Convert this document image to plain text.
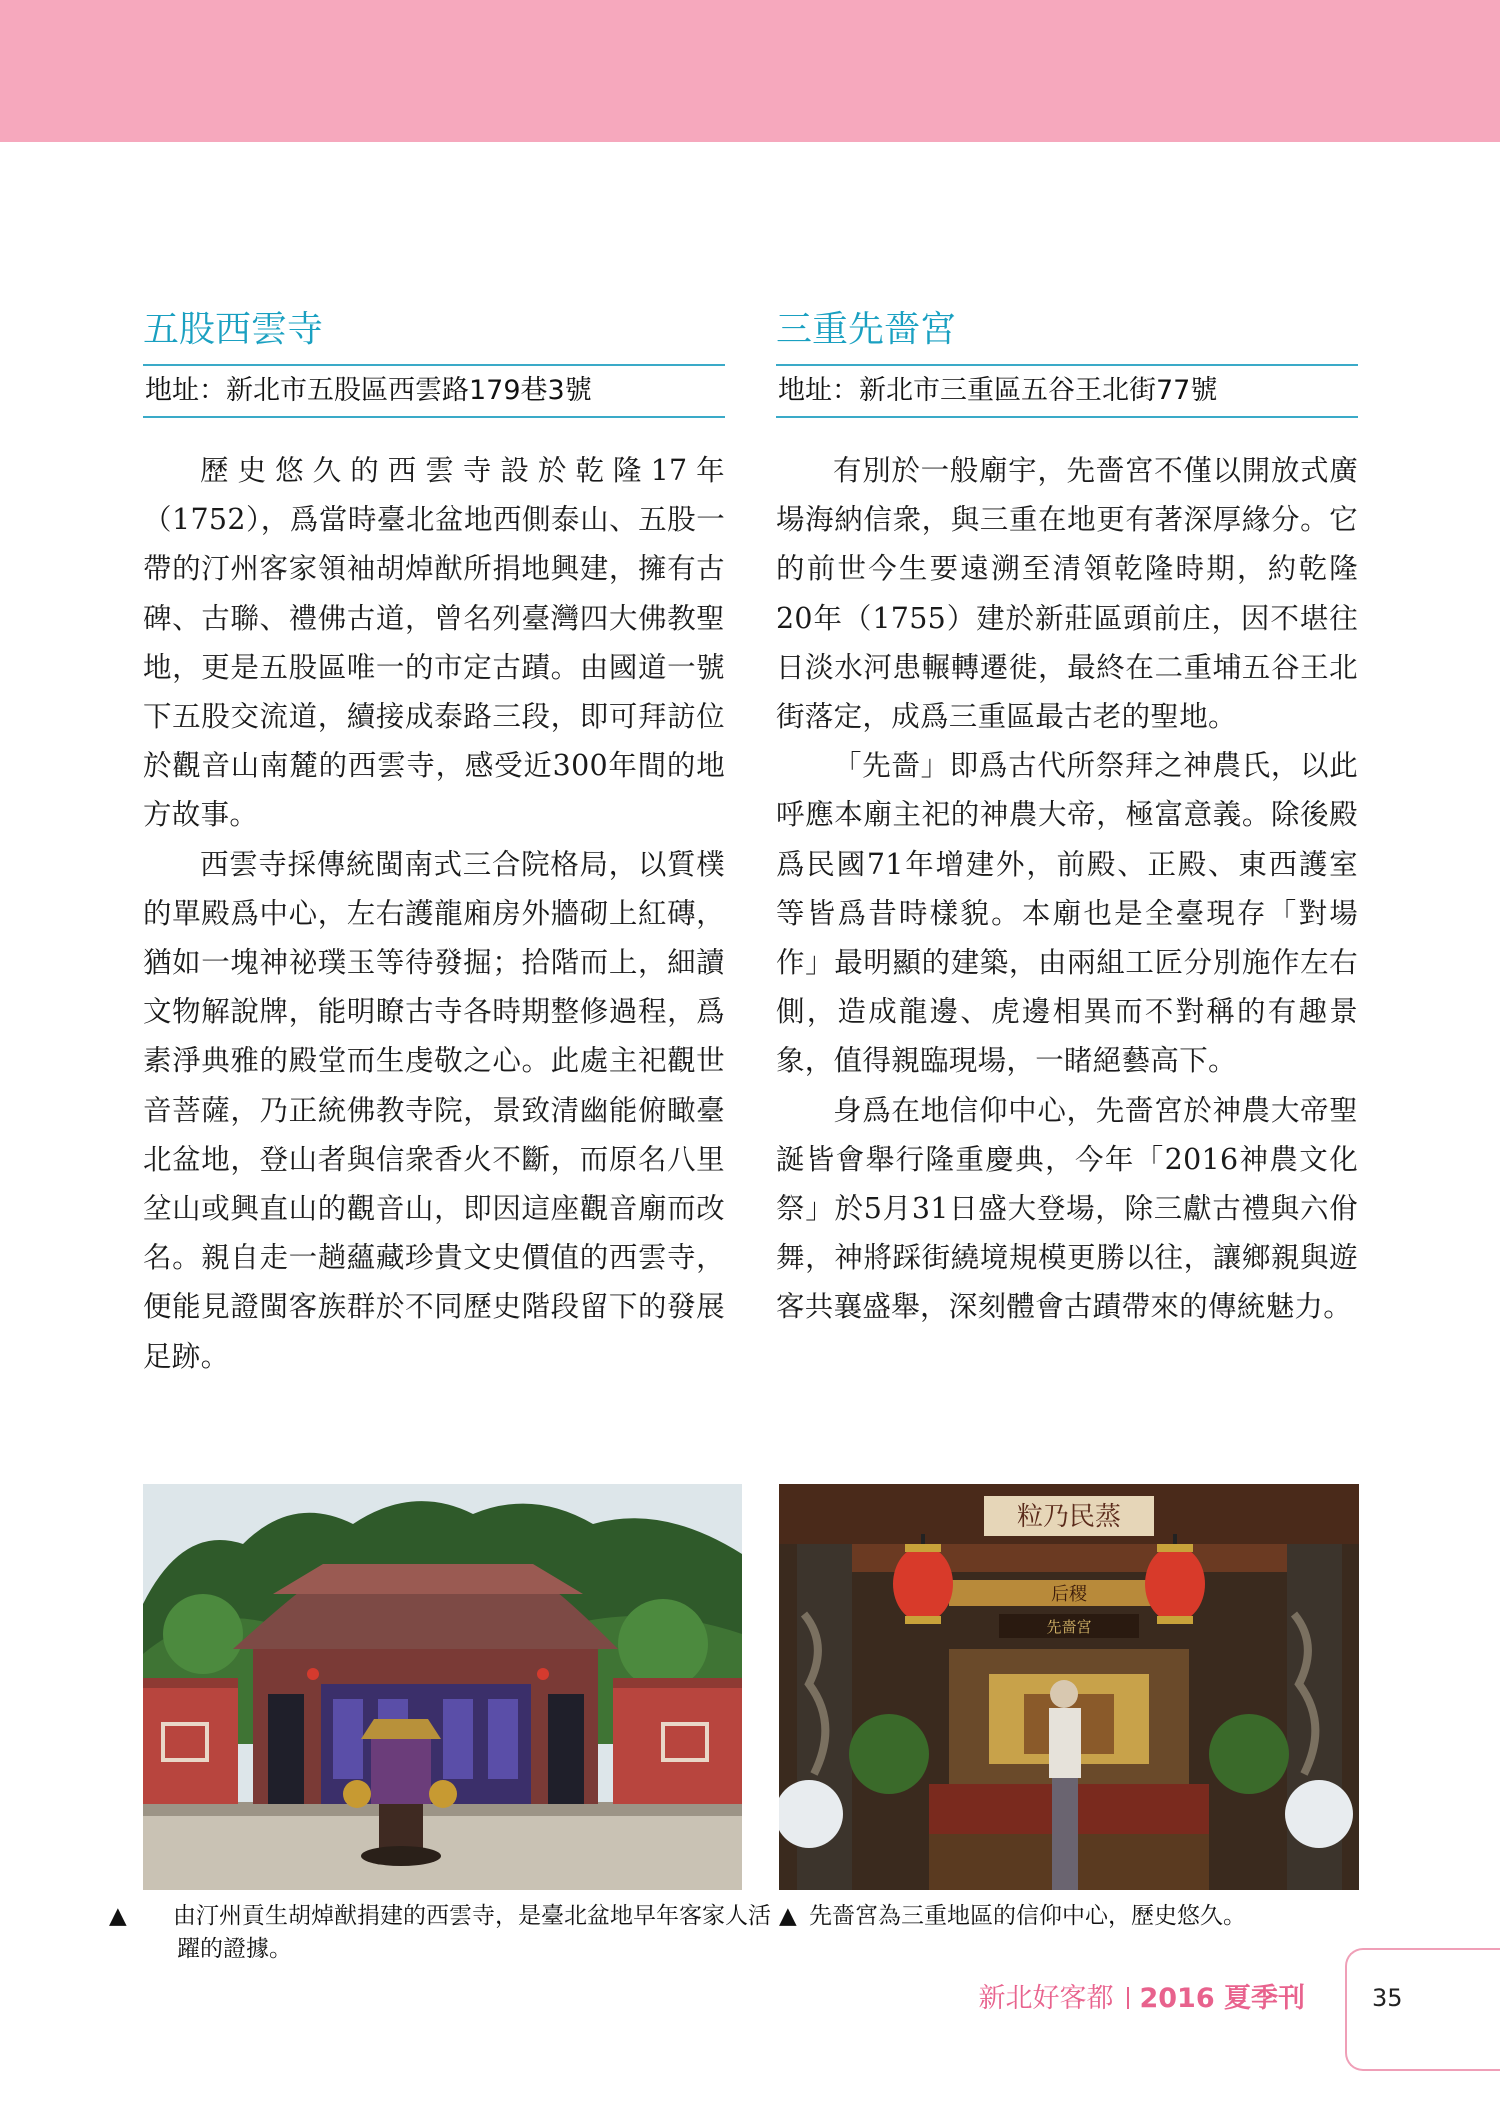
五股西雲寺
地址：新北市五股區西雲路179巷3號

歷史悠久的西雲寺設於乾隆17年（1752），爲當時臺北盆地西側泰山、五股一帶的汀州客家領袖胡焯猷所捐地興建，擁有古碑、古聯、禮佛古道，曾名列臺灣四大佛教聖地，更是五股區唯一的市定古蹟。由國道一號下五股交流道，續接成泰路三段，即可拜訪位於觀音山南麓的西雲寺，感受近300年間的地方故事。

西雲寺採傳統閩南式三合院格局，以質樸的單殿爲中心，左右護龍廂房外牆砌上紅磚，猶如一塊神祕璞玉等待發掘；拾階而上，細讀文物解說牌，能明瞭古寺各時期整修過程，爲素淨典雅的殿堂而生虔敬之心。此處主祀觀世音菩薩，乃正統佛教寺院，景致清幽能俯瞰臺北盆地，登山者與信衆香火不斷，而原名八里坌山或興直山的觀音山，即因這座觀音廟而改名。親自走一趟蘊藏珍貴文史價值的西雲寺，便能見證閩客族群於不同歷史階段留下的發展足跡。

三重先嗇宮
地址：新北市三重區五谷王北街77號

有別於一般廟宇，先嗇宮不僅以開放式廣場海納信衆，與三重在地更有著深厚緣分。它的前世今生要遠溯至清領乾隆時期，約乾隆20年（1755）建於新莊區頭前庄，因不堪往日淡水河患輾轉遷徙，最終在二重埔五谷王北街落定，成爲三重區最古老的聖地。

「先嗇」即爲古代所祭拜之神農氏，以此呼應本廟主祀的神農大帝，極富意義。除後殿爲民國71年增建外，前殿、正殿、東西護室等皆爲昔時樣貌。本廟也是全臺現存「對場作」最明顯的建築，由兩組工匠分別施作左右側，造成龍邊、虎邊相異而不對稱的有趣景象，值得親臨現場，一睹絕藝高下。

身爲在地信仰中心，先嗇宮於神農大帝聖誕皆會舉行隆重慶典，今年「2016神農文化祭」於5月31日盛大登場，除三獻古禮與六佾舞，神將踩街繞境規模更勝以往，讓鄉親與遊客共襄盛舉，深刻體會古蹟帶來的傳統魅力。

粒乃民蒸
后稷
先嗇宮
▲ 由汀州貢生胡焯猷捐建的西雲寺，是臺北盆地早年客家人活躍的證據。
▲ 先嗇宮為三重地區的信仰中心，歷史悠久。
新北好客都 2016 夏季刊	35
